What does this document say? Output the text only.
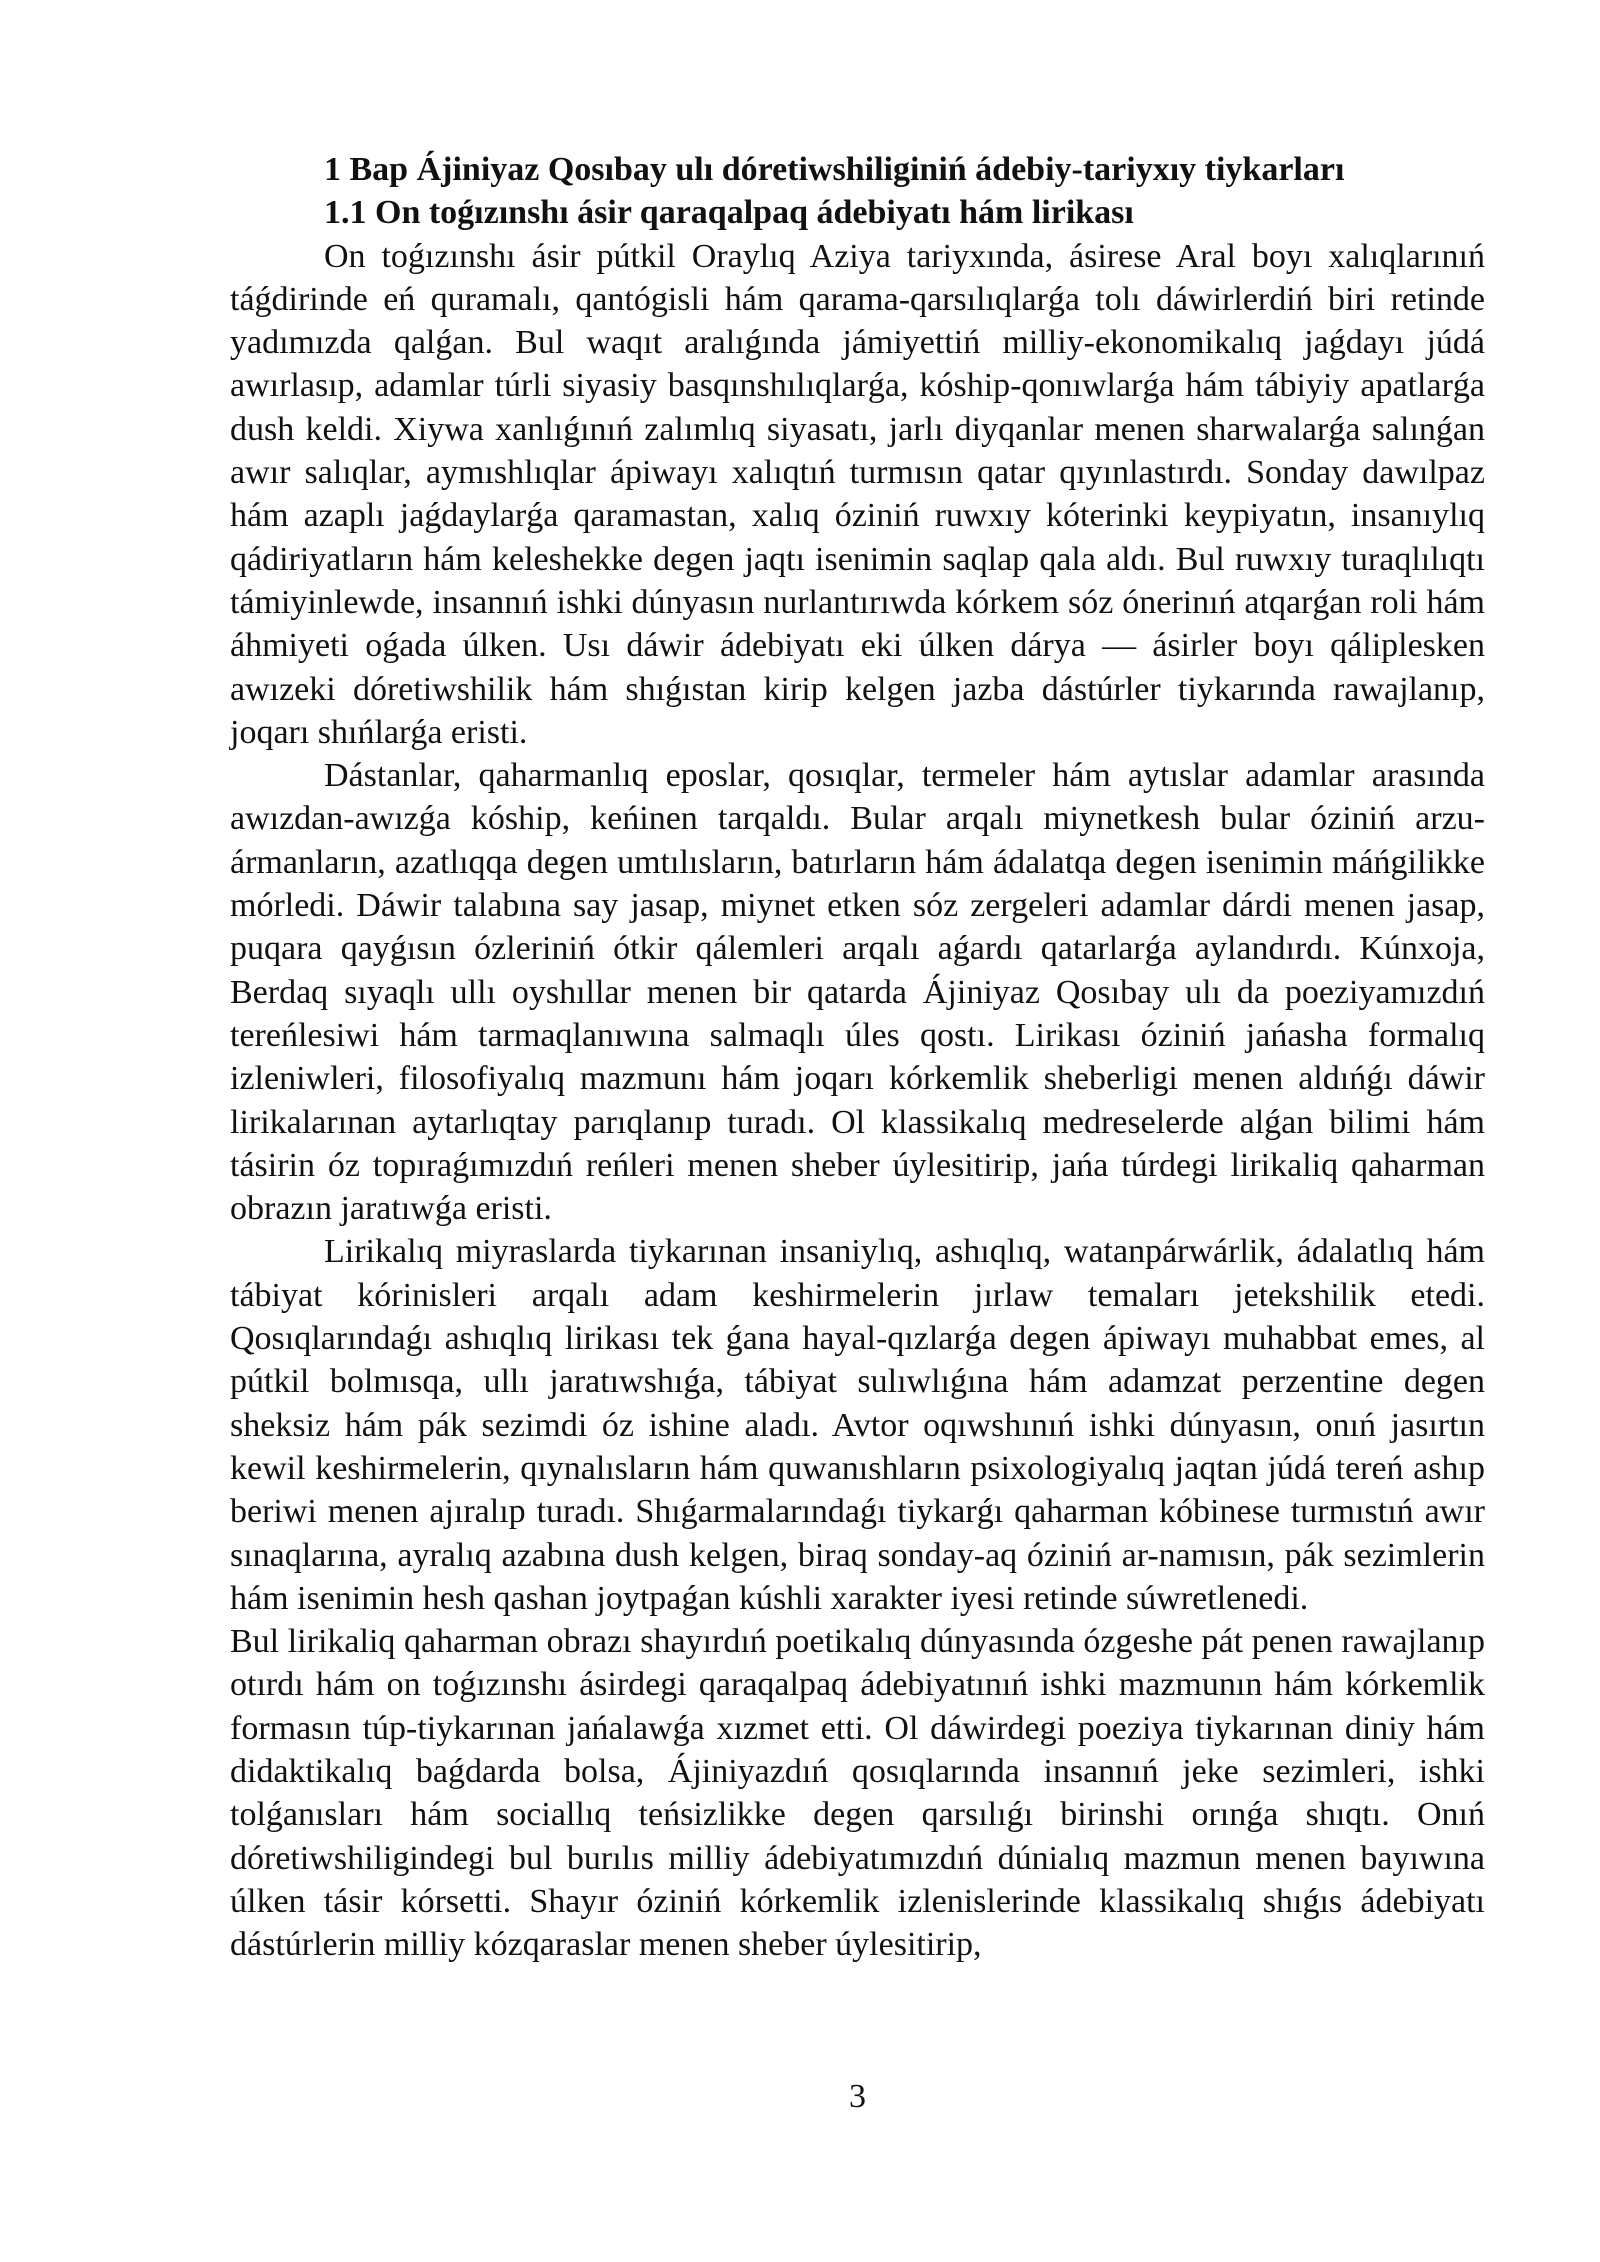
1 Bap Ájiniyaz Qosıbay ulı dóretiwshiliginiń ádebiy-tariyxıy tiykarları
1.1 On toǵızınshı ásir qaraqalpaq ádebiyatı hám lirikası

On toǵızınshı ásir pútkil Oraylıq Aziya tariyxında, ásirese Aral boyı xalıqlarınıń táǵdirinde eń quramalı, qantógisli hám qarama-qarsılıqlarǵa tolı dáwirlerdiń biri retinde yadımızda qalǵan. Bul waqıt aralıǵında jámiyettiń milliy-ekonomikalıq jaǵdayı júdá awırlasıp, adamlar túrli siyasiy basqınshılıqlarǵa, kóship-qonıwlarǵa hám tábiyiy apatlarǵa dush keldi. Xiywa xanlıǵınıń zalımlıq siyasatı, jarlı diyqanlar menen sharwalarǵa salınǵan awır salıqlar, aymıshlıqlar ápiwayı xalıqtıń turmısın qatar qıyınlastırdı. Sonday dawılpaz hám azaplı jaǵdaylarǵa qaramastan, xalıq óziniń ruwxıy kóterinki keypiyatın, insanıylıq qádiriyatların hám keleshekke degen jaqtı isenimin saqlap qala aldı. Bul ruwxıy turaqlılıqtı támiyinlewde, insannıń ishki dúnyasın nurlantırıwda kórkem sóz ónerinıń atqarǵan roli hám áhmiyeti oǵada úlken. Usı dáwir ádebiyatı eki úlken dárya — ásirler boyı qáliplesken awızeki dóretiwshilik hám shıǵıstan kirip kelgen jazba dástúrler tiykarında rawajlanıp, joqarı shıńlarǵa eristi.

Dástanlar, qaharmanlıq eposlar, qosıqlar, termeler hám aytıslar adamlar arasında awızdan-awızǵa kóship, keńinen tarqaldı. Bular arqalı miynetkesh bular óziniń arzu-ármanların, azatlıqqa degen umtılısların, batırların hám ádalatqa degen isenimin máńgilikke mórledi. Dáwir talabına say jasap, miynet etken sóz zergeleri adamlar dárdi menen jasap, puqara qayǵısın ózleriniń ótkir qálemleri arqalı aǵardı qatarlarǵa aylandırdı. Kúnxoja, Berdaq sıyaqlı ullı oyshıllar menen bir qatarda Ájiniyaz Qosıbay ulı da poeziyamızdıń tereńlesiwi hám tarmaqlanıwına salmaqlı úles qostı. Lirikası óziniń jańasha formalıq izleniwleri, filosofiyalıq mazmunı hám joqarı kórkemlik sheberligi menen aldıńǵı dáwir lirikalarınan aytarlıqtay parıqlanıp turadı. Ol klassikalıq medreselerde alǵan bilimi hám tásirin óz topıraǵımızdıń reńleri menen sheber úylesitirip, jańa túrdegi lirikaliq qaharman obrazın jaratıwǵa eristi.

Lirikalıq miyraslarda tiykarınan insaniylıq, ashıqlıq, watanpárwárlik, ádalatlıq hám tábiyat kórinisleri arqalı adam keshirmelerin jırlaw temaları jetekshilik etedi. Qosıqlarındaǵı ashıqlıq lirikası tek ǵana hayal-qızlarǵa degen ápiwayı muhabbat emes, al pútkil bolmısqa, ullı jaratıwshıǵa, tábiyat sulıwlıǵına hám adamzat perzentine degen sheksiz hám pák sezimdi óz ishine aladı. Avtor oqıwshınıń ishki dúnyasın, onıń jasırtın kewil keshirmelerin, qıynalısların hám quwanıshların psixologiyalıq jaqtan júdá tereń ashıp beriwi menen ajıralıp turadı. Shıǵarmalarındaǵı tiykarǵı qaharman kóbinese turmıstıń awır sınaqlarına, ayralıq azabına dush kelgen, biraq sonday-aq óziniń ar-namısın, pák sezimlerin hám isenimin hesh qashan joytpaǵan kúshli xarakter iyesi retinde súwretlenedi.

Bul lirikaliq qaharman obrazı shayırdıń poetikalıq dúnyasında ózgeshe pát penen rawajlanıp otırdı hám on toǵızınshı ásirdegi qaraqalpaq ádebiyatınıń ishki mazmunın hám kórkemlik formasın túp-tiykarınan jańalawǵa xızmet etti. Ol dáwirdegi poeziya tiykarınan diniy hám didaktikalıq baǵdarda bolsa, Ájiniyazdıń qosıqlarında insannıń jeke sezimleri, ishki tolǵanısları hám sociallıq teńsizlikke degen qarsılıǵı birinshi orınǵa shıqtı. Onıń dóretiwshiligindegi bul burılıs milliy ádebiyatımızdıń dúnialıq mazmun menen bayıwına úlken tásir kórsetti. Shayır óziniń kórkemlik izlenislerinde klassikalıq shıǵıs ádebiyatı dástúrlerin milliy kózqaraslar menen sheber úylesitirip,

3
